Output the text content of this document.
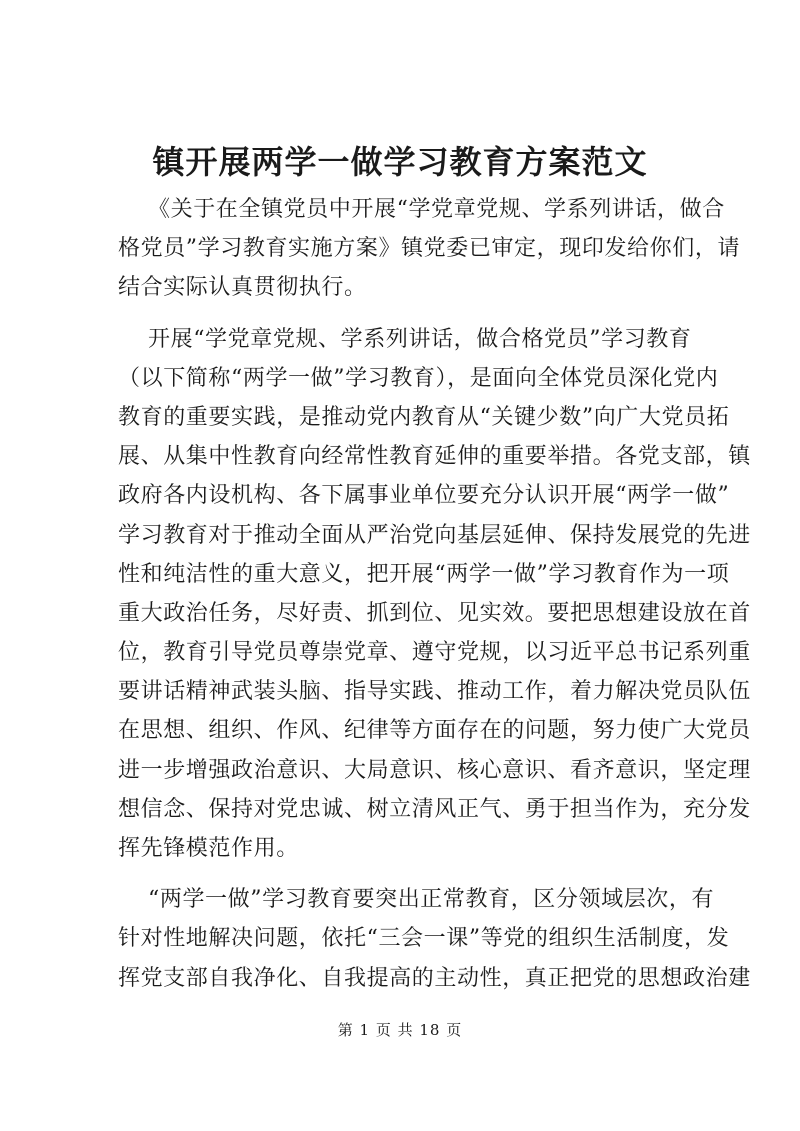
镇开展两学一做学习教育方案范文
《关于在全镇党员中开展“学党章党规、学系列讲话，做合
格党员”学习教育实施方案》镇党委已审定，现印发给你们，请
结合实际认真贯彻执行。
开展“学党章党规、学系列讲话，做合格党员”学习教育
（以下简称“两学一做”学习教育），是面向全体党员深化党内
教育的重要实践，是推动党内教育从“关键少数”向广大党员拓
展、从集中性教育向经常性教育延伸的重要举措。各党支部，镇
政府各内设机构、各下属事业单位要充分认识开展“两学一做”
学习教育对于推动全面从严治党向基层延伸、保持发展党的先进
性和纯洁性的重大意义，把开展“两学一做”学习教育作为一项
重大政治任务，尽好责、抓到位、见实效。要把思想建设放在首
位，教育引导党员尊崇党章、遵守党规，以习近平总书记系列重
要讲话精神武装头脑、指导实践、推动工作，着力解决党员队伍
在思想、组织、作风、纪律等方面存在的问题，努力使广大党员
进一步增强政治意识、大局意识、核心意识、看齐意识，坚定理
想信念、保持对党忠诚、树立清风正气、勇于担当作为，充分发
挥先锋模范作用。
“两学一做”学习教育要突出正常教育，区分领域层次，有
针对性地解决问题，依托“三会一课”等党的组织生活制度，发
挥党支部自我净化、自我提高的主动性，真正把党的思想政治建
第 1 页 共 18 页
